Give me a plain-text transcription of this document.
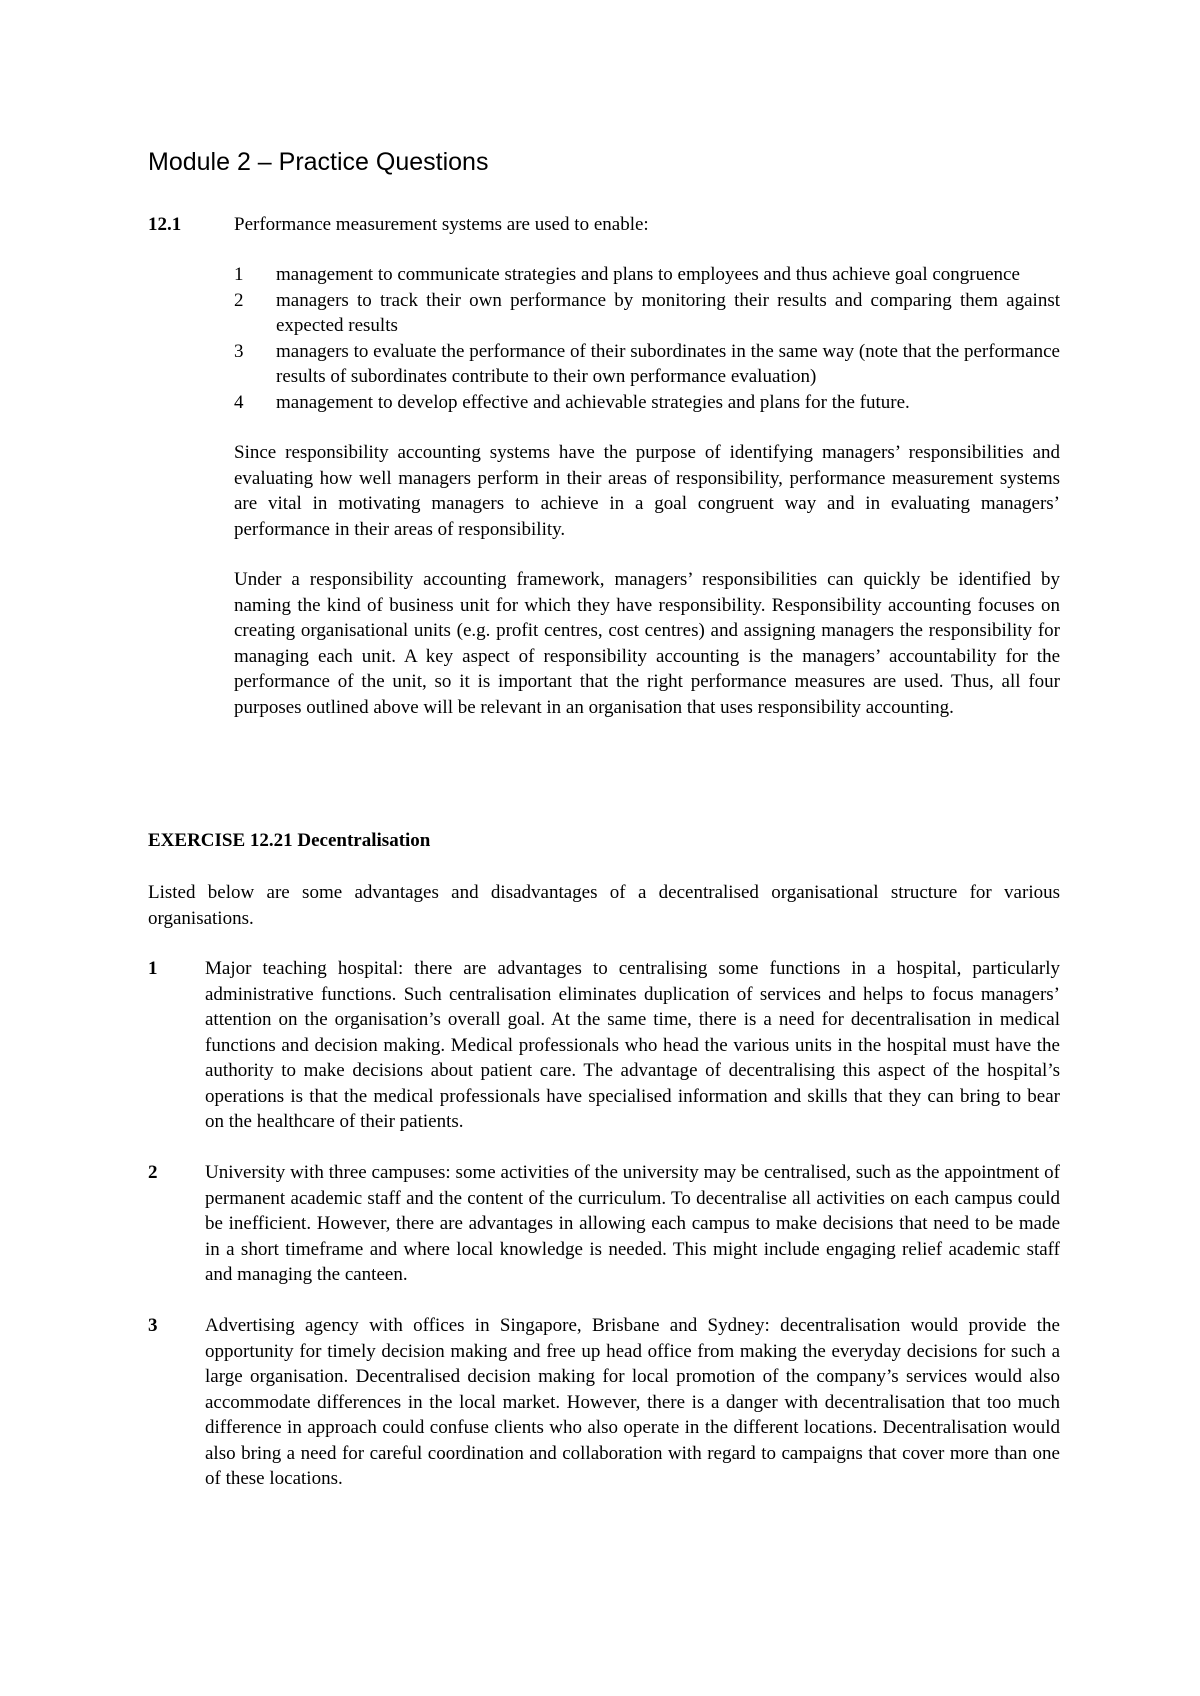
Module 2 – Practice Questions
12.1	Performance measurement systems are used to enable:
1 management to communicate strategies and plans to employees and thus achieve goal congruence
2 managers to track their own performance by monitoring their results and comparing them against expected results
3 managers to evaluate the performance of their subordinates in the same way (note that the performance results of subordinates contribute to their own performance evaluation)
4 management to develop effective and achievable strategies and plans for the future.

Since responsibility accounting systems have the purpose of identifying managers’ responsibilities and evaluating how well managers perform in their areas of responsibility, performance measurement systems are vital in motivating managers to achieve in a goal congruent way and in evaluating managers’ performance in their areas of responsibility.

Under a responsibility accounting framework, managers’ responsibilities can quickly be identified by naming the kind of business unit for which they have responsibility. Responsibility accounting focuses on creating organisational units (e.g. profit centres, cost centres) and assigning managers the responsibility for managing each unit. A key aspect of responsibility accounting is the managers’ accountability for the performance of the unit, so it is important that the right performance measures are used. Thus, all four purposes outlined above will be relevant in an organisation that uses responsibility accounting.

EXERCISE 12.21 Decentralisation

Listed below are some advantages and disadvantages of a decentralised organisational structure for various organisations.

1	Major teaching hospital: there are advantages to centralising some functions in a hospital, particularly administrative functions. Such centralisation eliminates duplication of services and helps to focus managers’ attention on the organisation’s overall goal. At the same time, there is a need for decentralisation in medical functions and decision making. Medical professionals who head the various units in the hospital must have the authority to make decisions about patient care. The advantage of decentralising this aspect of the hospital’s operations is that the medical professionals have specialised information and skills that they can bring to bear on the healthcare of their patients.
2	University with three campuses: some activities of the university may be centralised, such as the appointment of permanent academic staff and the content of the curriculum. To decentralise all activities on each campus could be inefficient. However, there are advantages in allowing each campus to make decisions that need to be made in a short timeframe and where local knowledge is needed. This might include engaging relief academic staff and managing the canteen.
3	Advertising agency with offices in Singapore, Brisbane and Sydney: decentralisation would provide the opportunity for timely decision making and free up head office from making the everyday decisions for such a large organisation. Decentralised decision making for local promotion of the company’s services would also accommodate differences in the local market. However, there is a danger with decentralisation that too much difference in approach could confuse clients who also operate in the different locations. Decentralisation would also bring a need for careful coordination and collaboration with regard to campaigns that cover more than one of these locations.
